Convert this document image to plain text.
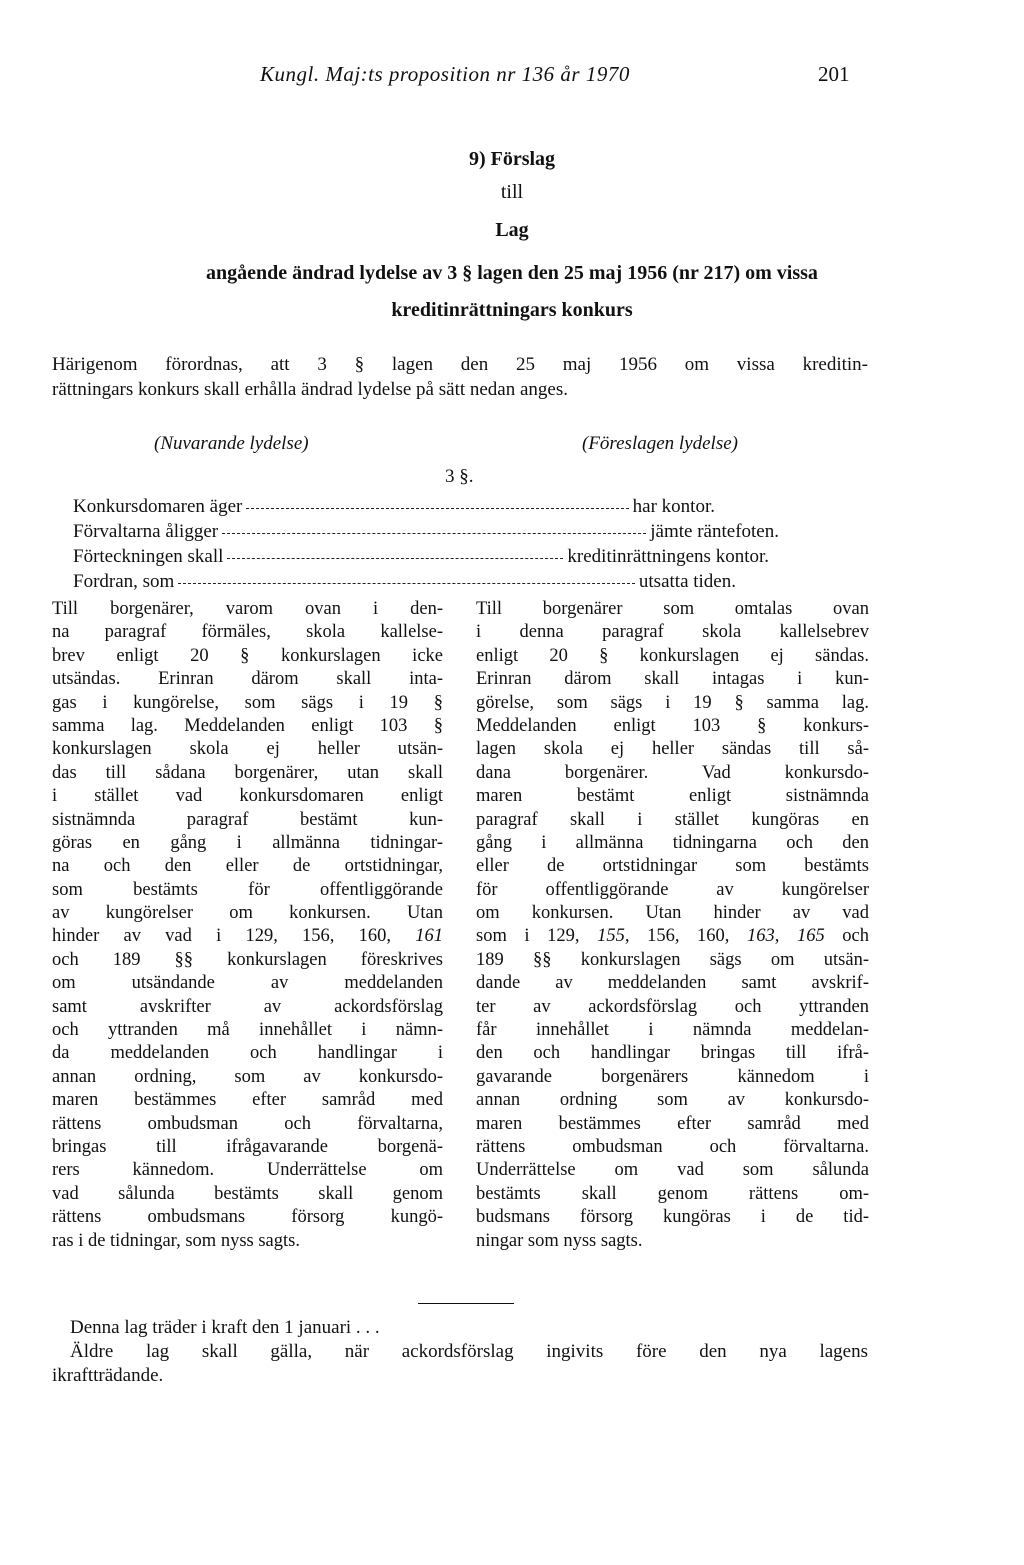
Kungl. Maj:ts proposition nr 136 år 1970	201
9) Förslag
till
Lag
angående ändrad lydelse av 3 § lagen den 25 maj 1956 (nr 217) om vissa
kreditinrättningars konkurs
Härigenom förordnas, att 3 § lagen den 25 maj 1956 om vissa kreditin-
rättningars konkurs skall erhålla ändrad lydelse på sätt nedan anges.
(Nuvarande lydelse)	(Föreslagen lydelse)
3 §.
Konkursdomaren äger	har kontor.
Förvaltarna åligger	jämte räntefoten.
Förteckningen skall	kreditinrättningens kontor.
Fordran, som	utsatta tiden.
Till borgenärer, varom ovan i den-
na paragraf förmäles, skola kallelse-
brev enligt 20 § konkurslagen icke
utsändas. Erinran därom skall inta-
gas i kungörelse, som sägs i 19 §
samma lag. Meddelanden enligt 103 §
konkurslagen skola ej heller utsän-
das till sådana borgenärer, utan skall
i stället vad konkursdomaren enligt
sistnämnda paragraf bestämt kun-
göras en gång i allmänna tidningar-
na och den eller de ortstidningar,
som bestämts för offentliggörande
av kungörelser om konkursen. Utan
hinder av vad i 129, 156, 160, 161
och 189 §§ konkurslagen föreskrives
om utsändande av meddelanden
samt avskrifter av ackordsförslag
och yttranden må innehållet i nämn-
da meddelanden och handlingar i
annan ordning, som av konkursdo-
maren bestämmes efter samråd med
rättens ombudsman och förvaltarna,
bringas till ifrågavarande borgenä-
rers kännedom. Underrättelse om
vad sålunda bestämts skall genom
rättens ombudsmans försorg kungö-
ras i de tidningar, som nyss sagts.
Till borgenärer som omtalas ovan
i denna paragraf skola kallelsebrev
enligt 20 § konkurslagen ej sändas.
Erinran därom skall intagas i kun-
görelse, som sägs i 19 § samma lag.
Meddelanden enligt 103 § konkurs-
lagen skola ej heller sändas till så-
dana borgenärer. Vad konkursdo-
maren bestämt enligt sistnämnda
paragraf skall i stället kungöras en
gång i allmänna tidningarna och den
eller de ortstidningar som bestämts
för offentliggörande av kungörelser
om konkursen. Utan hinder av vad
som i 129, 155, 156, 160, 163, 165 och
189 §§ konkurslagen sägs om utsän-
dande av meddelanden samt avskrif-
ter av ackordsförslag och yttranden
får innehållet i nämnda meddelan-
den och handlingar bringas till ifrå-
gavarande borgenärers kännedom i
annan ordning som av konkursdo-
maren bestämmes efter samråd med
rättens ombudsman och förvaltarna.
Underrättelse om vad som sålunda
bestämts skall genom rättens om-
budsmans försorg kungöras i de tid-
ningar som nyss sagts.
Denna lag träder i kraft den 1 januari . . .
Äldre lag skall gälla, när ackordsförslag ingivits före den nya lagens
ikraftträdande.
